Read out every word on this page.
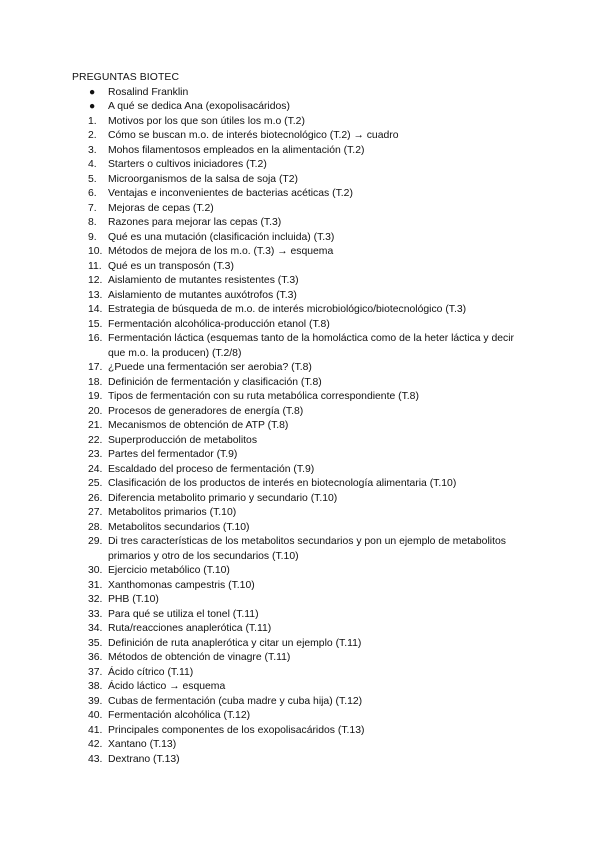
PREGUNTAS BIOTEC
●	Rosalind Franklin
●	A qué se dedica Ana (exopolisacáridos)
1.	Motivos por los que son útiles los m.o (T.2)
2.	Cómo se buscan m.o. de interés biotecnológico (T.2) → cuadro
3.	Mohos filamentosos empleados en la alimentación (T.2)
4.	Starters o cultivos iniciadores (T.2)
5.	Microorganismos de la salsa de soja (T2)
6.	Ventajas e inconvenientes de bacterias acéticas (T.2)
7.	Mejoras de cepas (T.2)
8.	Razones para mejorar las cepas (T.3)
9.	Qué es una mutación (clasificación incluida) (T.3)
10. Métodos de mejora de los m.o. (T.3) → esquema
11. Qué es un transposón (T.3)
12. Aislamiento de mutantes resistentes (T.3)
13. Aislamiento de mutantes auxótrofos (T.3)
14. Estrategia de búsqueda de m.o. de interés microbiológico/biotecnológico (T.3)
15. Fermentación alcohólica-producción etanol (T.8)
16. Fermentación láctica (esquemas tanto de la homoláctica como de la heter láctica y decir que m.o. la producen) (T.2/8)
17. ¿Puede una fermentación ser aerobia? (T.8)
18. Definición de fermentación y clasificación (T.8)
19. Tipos de fermentación con su ruta metabólica correspondiente (T.8)
20. Procesos de generadores de energía (T.8)
21. Mecanismos de obtención de ATP (T.8)
22. Superproducción de metabolitos
23. Partes del fermentador (T.9)
24. Escaldado del proceso de fermentación (T.9)
25. Clasificación de los productos de interés en biotecnología alimentaria (T.10)
26. Diferencia metabolito primario y secundario (T.10)
27. Metabolitos primarios (T.10)
28. Metabolitos secundarios (T.10)
29. Di tres características de los metabolitos secundarios y pon un ejemplo de metabolitos primarios y otro de los secundarios (T.10)
30. Ejercicio metabólico (T.10)
31. Xanthomonas campestris (T.10)
32. PHB (T.10)
33. Para qué se utiliza el tonel (T.11)
34. Ruta/reacciones anaplerótica (T.11)
35. Definición de ruta anaplerótica y citar un ejemplo (T.11)
36. Métodos de obtención de vinagre (T.11)
37. Ácido cítrico (T.11)
38. Ácido láctico → esquema
39. Cubas de fermentación (cuba madre y cuba hija) (T.12)
40. Fermentación alcohólica (T.12)
41. Principales componentes de los exopolisacáridos (T.13)
42. Xantano (T.13)
43. Dextrano (T.13)
